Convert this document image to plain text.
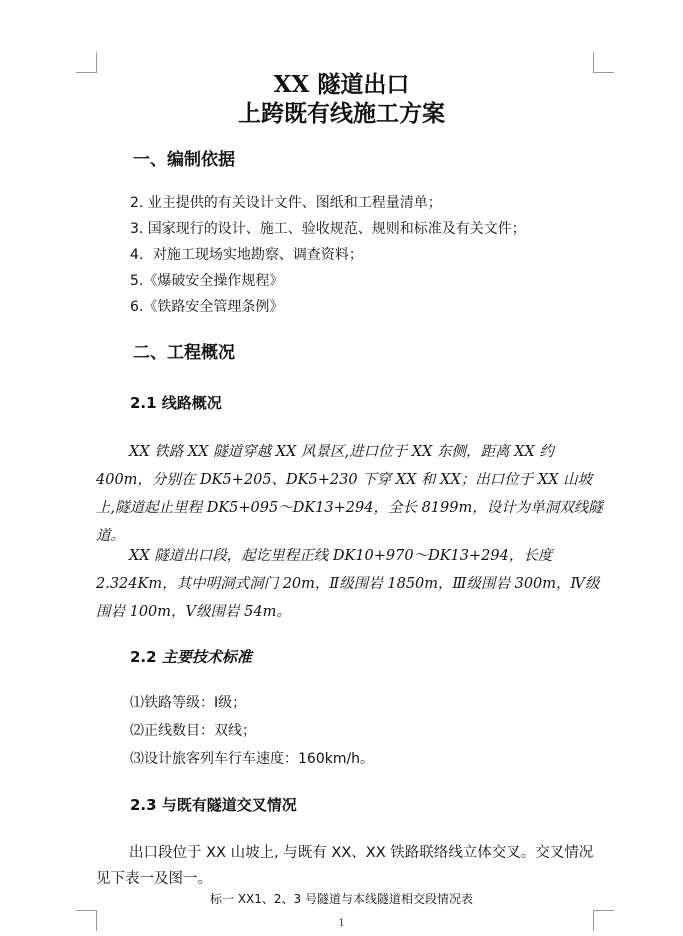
XX 隧道出口
上跨既有线施工方案
一、编制依据
2. 业主提供的有关设计文件、图纸和工程量清单；
3. 国家现行的设计、施工、验收规范、规则和标准及有关文件；
4．对施工现场实地勘察、调查资料；
5.《爆破安全操作规程》
6.《铁路安全管理条例》
二、工程概况
2.1 线路概况
XX 铁路 XX 隧道穿越 XX 风景区,进口位于 XX 东侧，距离 XX 约 400m，分别在 DK5+205、DK5+230 下穿 XX 和 XX；出口位于 XX 山坡上,隧道起止里程 DK5+095～DK13+294，全长 8199m，设计为单洞双线隧道。
XX 隧道出口段，起讫里程正线 DK10+970～DK13+294，长度 2.324Km，其中明洞式洞门 20m，Ⅱ级围岩 1850m，Ⅲ级围岩 300m，Ⅳ级围岩 100m，Ⅴ级围岩 54m。
2.2 主要技术标准
⑴铁路等级：Ⅰ级；
⑵正线数目：双线；
⑶设计旅客列车行车速度：160km/h。
2.3 与既有隧道交叉情况
出口段位于 XX 山坡上, 与既有 XX、XX 铁路联络线立体交叉。交叉情况见下表一及图一。
标一 XX1、2、3 号隧道与本线隧道相交段情况表
1
